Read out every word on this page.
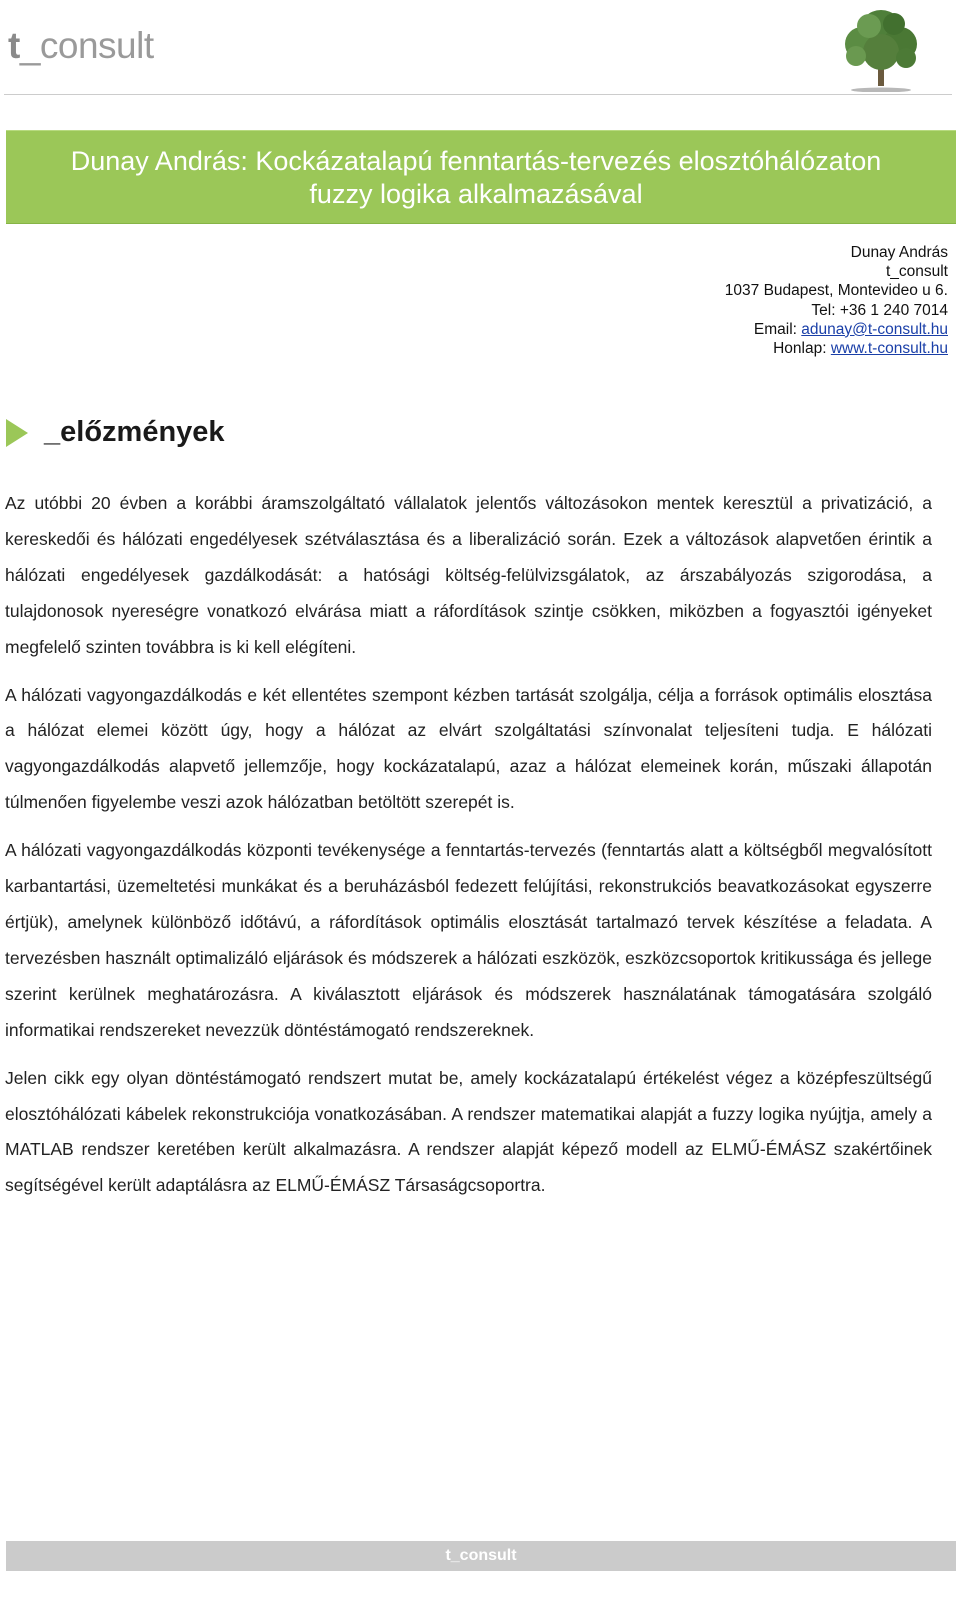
t_consult
Dunay András: Kockázatalapú fenntartás-tervezés elosztóhálózaton
fuzzy logika alkalmazásával
Dunay András
t_consult
1037 Budapest, Montevideo u 6.
Tel: +36 1 240 7014
Email: adunay@t-consult.hu
Honlap: www.t-consult.hu
_előzmények

Az utóbbi 20 évben a korábbi áramszolgáltató vállalatok jelentős változásokon mentek keresztül a privatizáció, a kereskedői és hálózati engedélyesek szétválasztása és a liberalizáció során. Ezek a változások alapvetően érintik a hálózati engedélyesek gazdálkodását: a hatósági költség-felülvizsgálatok, az árszabályozás szigorodása, a tulajdonosok nyereségre vonatkozó elvárása miatt a ráfordítások szintje csökken, miközben a fogyasztói igényeket megfelelő szinten továbbra is ki kell elégíteni.

A hálózati vagyongazdálkodás e két ellentétes szempont kézben tartását szolgálja, célja a források optimális elosztása a hálózat elemei között úgy, hogy a hálózat az elvárt szolgáltatási színvonalat teljesíteni tudja. E hálózati vagyongazdálkodás alapvető jellemzője, hogy kockázatalapú, azaz a hálózat elemeinek korán, műszaki állapotán túlmenően figyelembe veszi azok hálózatban betöltött szerepét is.

A hálózati vagyongazdálkodás központi tevékenysége a fenntartás-tervezés (fenntartás alatt a költségből megvalósított karbantartási, üzemeltetési munkákat és a beruházásból fedezett felújítási, rekonstrukciós beavatkozásokat egyszerre értjük), amelynek különböző időtávú, a ráfordítások optimális elosztását tartalmazó tervek készítése a feladata. A tervezésben használt optimalizáló eljárások és módszerek a hálózati eszközök, eszközcsoportok kritikussága és jellege szerint kerülnek meghatározásra. A kiválasztott eljárások és módszerek használatának támogatására szolgáló informatikai rendszereket nevezzük döntéstámogató rendszereknek.

Jelen cikk egy olyan döntéstámogató rendszert mutat be, amely kockázatalapú értékelést végez a középfeszültségű elosztóhálózati kábelek rekonstrukciója vonatkozásában. A rendszer matematikai alapját a fuzzy logika nyújtja, amely a MATLAB rendszer keretében került alkalmazásra. A rendszer alapját képező modell az ELMŰ-ÉMÁSZ szakértőinek segítségével került adaptálásra az ELMŰ-ÉMÁSZ Társaságcsoportra.

t_consult
